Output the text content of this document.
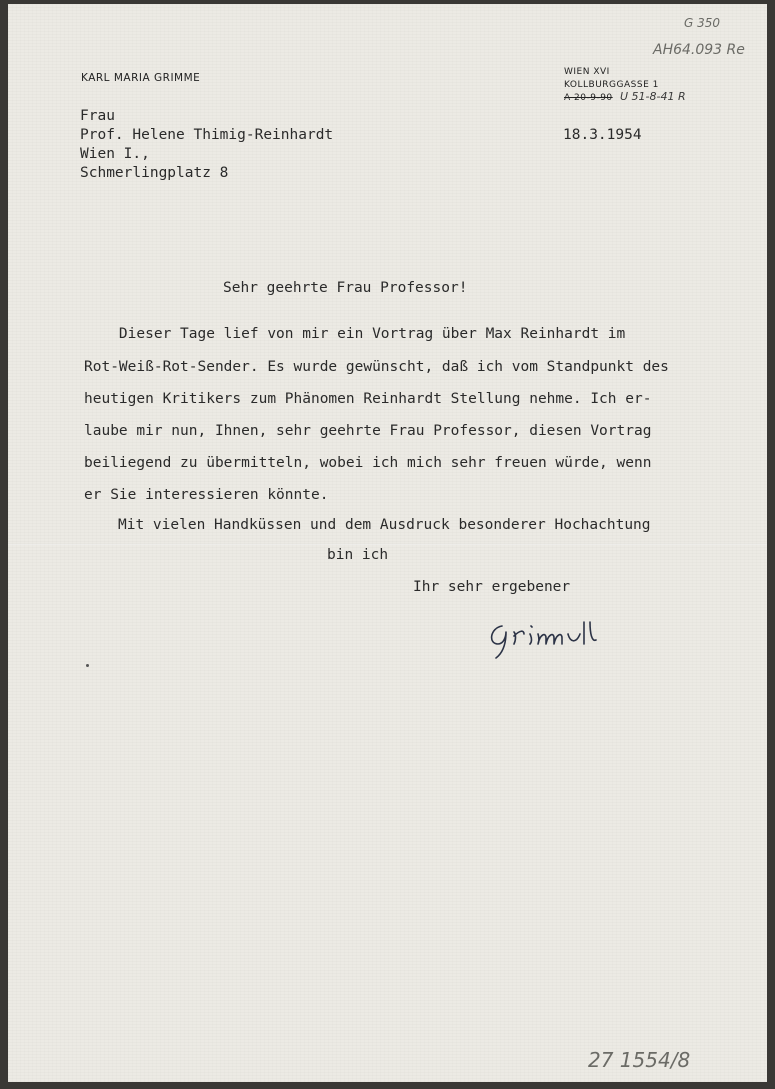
G 350
AH64.093 Re
KARL MARIA GRIMME	WIEN XVI
KOLLBURGGASSE 1
A 20-9-90 U 51-8-41 R
Frau
Prof. Helene Thimig-Reinhardt
Wien I.,
Schmerlingplatz 8
18.3.1954
Sehr geehrte Frau Professor!
Dieser Tage lief von mir ein Vortrag über Max Reinhardt im
Rot-Weiß-Rot-Sender. Es wurde gewünscht, daß ich vom Standpunkt des
heutigen Kritikers zum Phänomen Reinhardt Stellung nehme. Ich er-
laube mir nun, Ihnen, sehr geehrte Frau Professor, diesen Vortrag
beiliegend zu übermitteln, wobei ich mich sehr freuen würde, wenn
er Sie interessieren könnte.
Mit vielen Handküssen und dem Ausdruck besonderer Hochachtung
bin ich
Ihr sehr ergebener
27 1554/8
